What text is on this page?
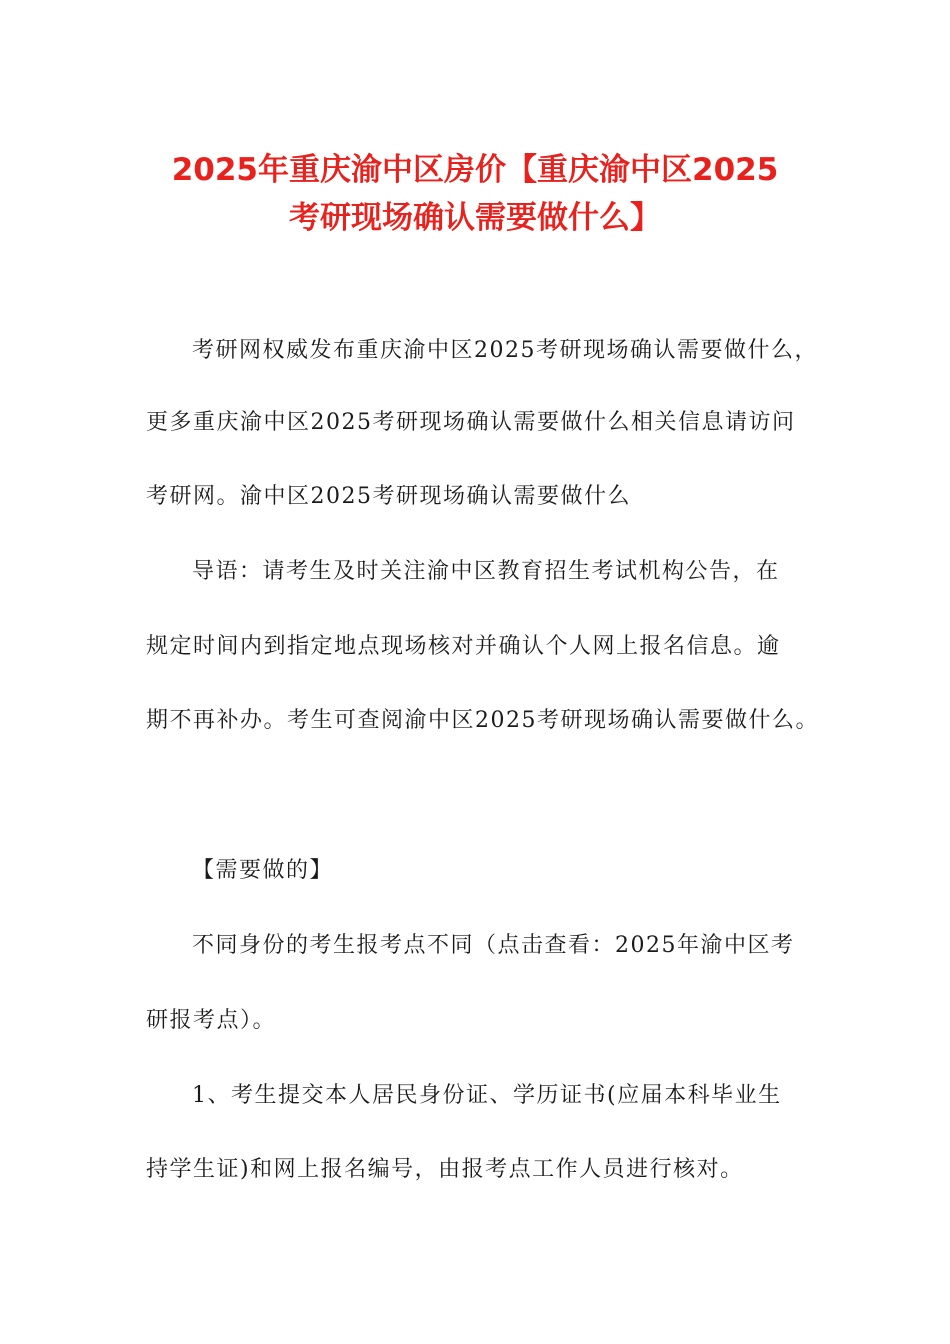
2025年重庆渝中区房价【重庆渝中区2025
考研现场确认需要做什么】

考研网权威发布重庆渝中区2025考研现场确认需要做什么，

更多重庆渝中区2025考研现场确认需要做什么相关信息请访问

考研网。渝中区2025考研现场确认需要做什么

导语：请考生及时关注渝中区教育招生考试机构公告，在

规定时间内到指定地点现场核对并确认个人网上报名信息。逾

期不再补办。考生可查阅渝中区2025考研现场确认需要做什么。

【需要做的】

不同身份的考生报考点不同（点击查看：2025年渝中区考

研报考点）。

1、考生提交本人居民身份证、学历证书(应届本科毕业生

持学生证)和网上报名编号，由报考点工作人员进行核对。
